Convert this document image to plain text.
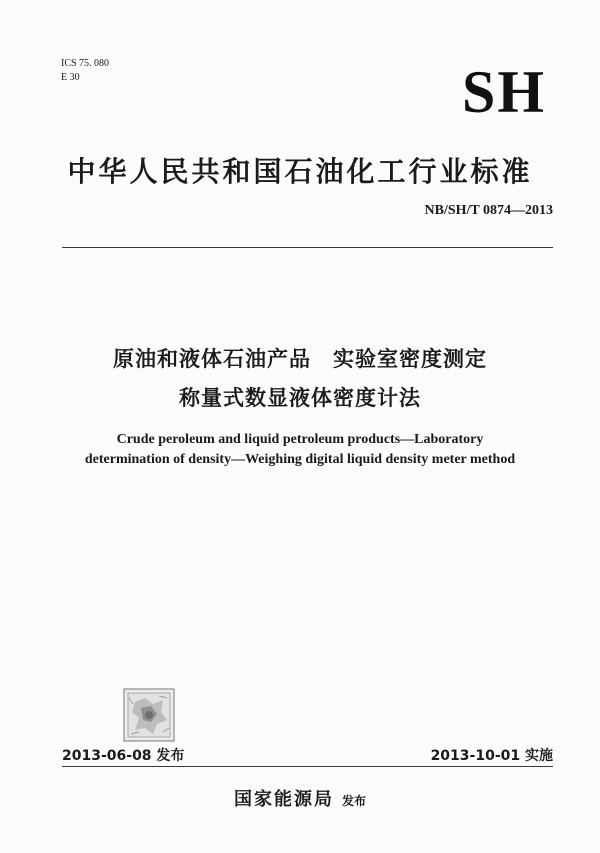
ICS 75. 080
E 30	SH
中华人民共和国石油化工行业标准
NB/SH/T 0874—2013
原油和液体石油产品　实验室密度测定
称量式数显液体密度计法
Crude peroleum and liquid petroleum products—Laboratory
determination of density—Weighing digital liquid density meter method
2013-06-08 发布	2013-10-01 实施
国家能源局 发布
